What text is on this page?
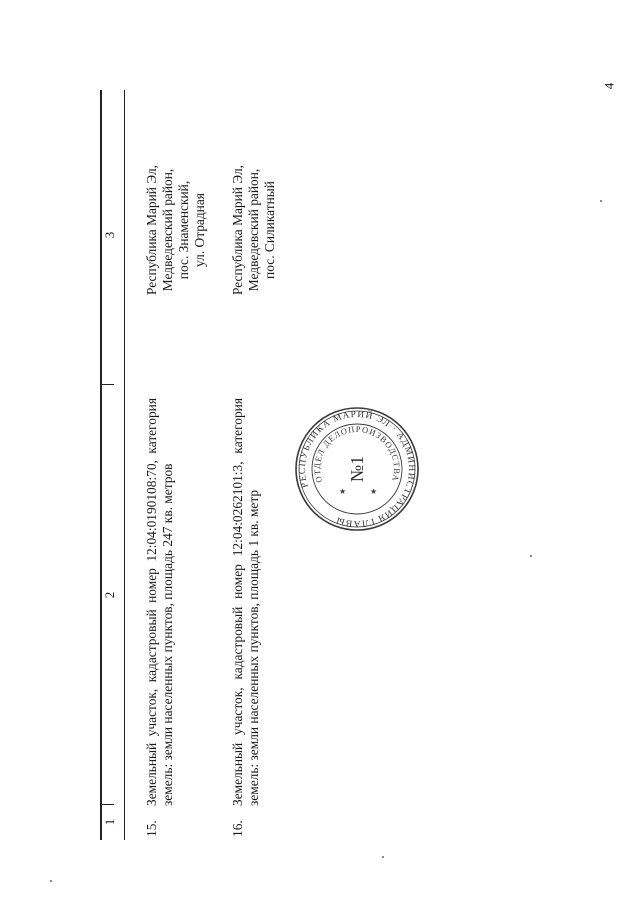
4
1
2
3
15.
Земельный участок, кадастровый номер 12:04:0190108:70, категория земель: земли населенных пунктов, площадь 247 кв. метров
Республика Марий Эл, Медведевский район, пос. Знаменский, ул. Отрадная
16.
Земельный участок, кадастровый номер 12:04:0262101:3, категория земель: земли населенных пунктов, площадь 1 кв. метр
Республика Марий Эл, Медведевский район, пос. Силикатный
РЕСПУБЛИКА МАРИЙ ЭЛ · АДМИНИСТРАЦИЯ ГЛАВЫ
ОТДЕЛ ДЕЛОПРОИЗВОДСТВА
№1
★	★
